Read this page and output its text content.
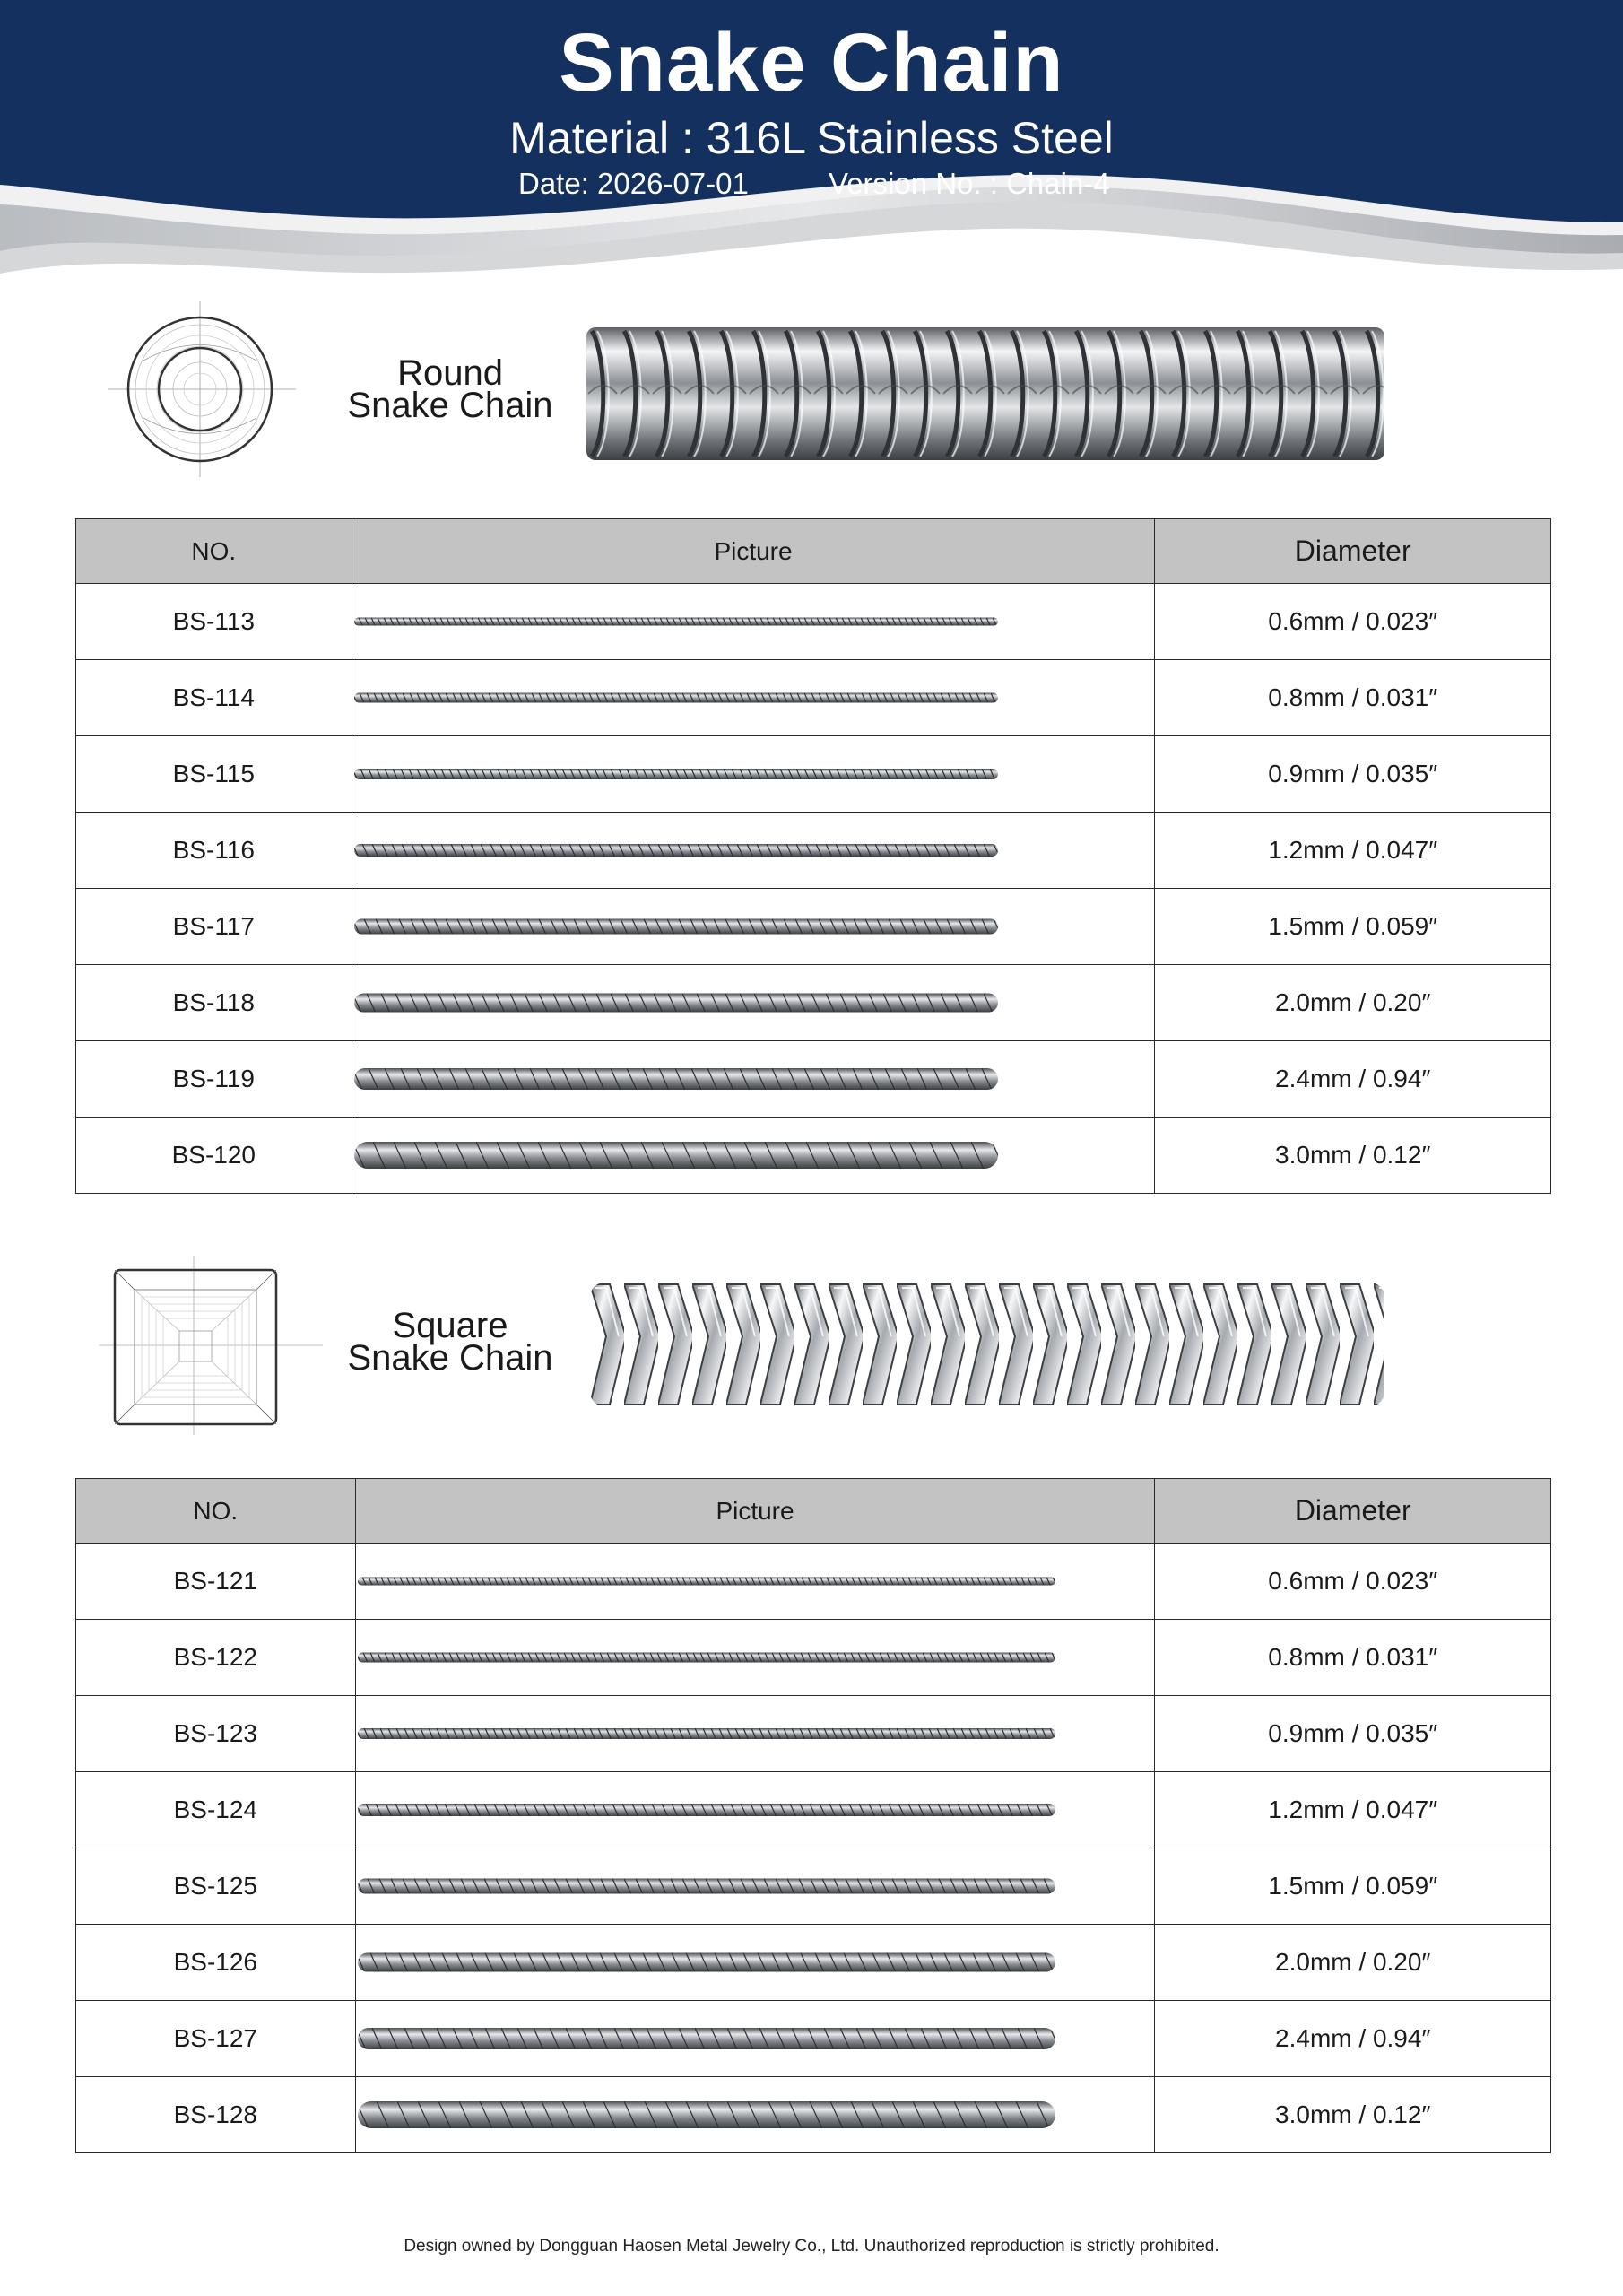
Snake Chain
Material : 316L Stainless Steel
Date: 2026-07-01	Version No. : Chain-4
Round
Snake Chain
NO.	Picture	Diameter
BS-113		0.6mm / 0.023″
BS-114		0.8mm / 0.031″
BS-115		0.9mm / 0.035″
BS-116		1.2mm / 0.047″
BS-117		1.5mm / 0.059″
BS-118		2.0mm / 0.20″
BS-119		2.4mm / 0.94″
BS-120		3.0mm / 0.12″
Square
Snake Chain
NO.	Picture	Diameter
BS-121		0.6mm / 0.023″
BS-122		0.8mm / 0.031″
BS-123		0.9mm / 0.035″
BS-124		1.2mm / 0.047″
BS-125		1.5mm / 0.059″
BS-126		2.0mm / 0.20″
BS-127		2.4mm / 0.94″
BS-128		3.0mm / 0.12″
Design owned by Dongguan Haosen Metal Jewelry Co., Ltd. Unauthorized reproduction is strictly prohibited.
